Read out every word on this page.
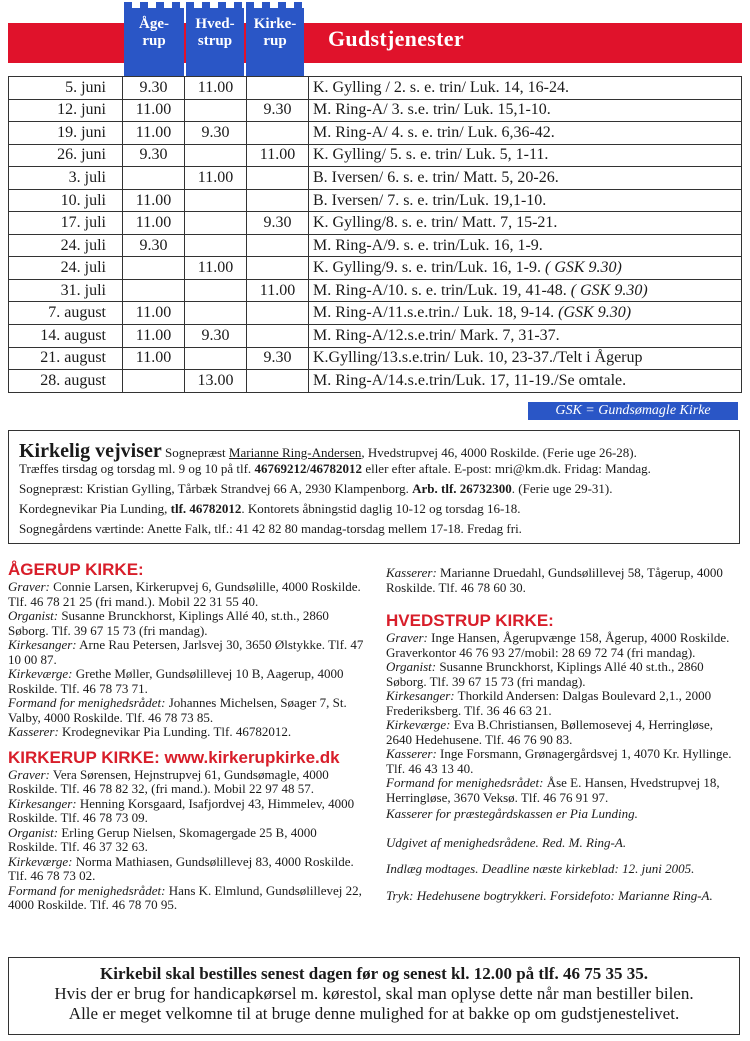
Åge-
rup
Hved-
strup
Kirke-
rup	Gudstjenester
5. juni	9.30	11.00		K. Gylling / 2. s. e. trin/ Luk. 14, 16-24.
12. juni	11.00		9.30	M. Ring-A/ 3. s.e. trin/ Luk. 15,1-10.
19. juni	11.00	9.30		M. Ring-A/ 4. s. e. trin/ Luk. 6,36-42.
26. juni	9.30		11.00	K. Gylling/ 5. s. e. trin/ Luk. 5, 1-11.
3. juli		11.00		B. Iversen/ 6. s. e. trin/ Matt. 5, 20-26.
10. juli	11.00			B. Iversen/ 7. s. e. trin/Luk. 19,1-10.
17. juli	11.00		9.30	K. Gylling/8. s. e. trin/ Matt. 7, 15-21.
24. juli	9.30			M. Ring-A/9. s. e. trin/Luk. 16, 1-9.
24. juli		11.00		K. Gylling/9. s. e. trin/Luk. 16, 1-9. ( GSK 9.30)
31. juli			11.00	M. Ring-A/10. s. e. trin/Luk. 19, 41-48. ( GSK 9.30)
7. august	11.00			M. Ring-A/11.s.e.trin./ Luk. 18, 9-14. (GSK 9.30)
14. august	11.00	9.30		M. Ring-A/12.s.e.trin/ Mark. 7, 31-37.
21. august	11.00		9.30	K.Gylling/13.s.e.trin/ Luk. 10, 23-37./Telt i Ågerup
28. august		13.00		M. Ring-A/14.s.e.trin/Luk. 17, 11-19./Se omtale.
GSK = Gundsømagle Kirke
Kirkelig vejviser Sognepræst Marianne Ring-Andersen, Hvedstrupvej 46, 4000 Roskilde. (Ferie uge 26-28).
Træffes tirsdag og torsdag ml. 9 og 10 på tlf. 46769212/46782012 eller efter aftale. E-post: mri@km.dk. Fridag: Mandag.
Sognepræst: Kristian Gylling, Tårbæk Strandvej 66 A, 2930 Klampenborg. Arb. tlf. 26732300. (Ferie uge 29-31).
Kordegnevikar Pia Lunding, tlf. 46782012. Kontorets åbningstid daglig 10-12 og torsdag 16-18.
Sognegårdens værtinde: Anette Falk, tlf.: 41 42 82 80 mandag-torsdag mellem 17-18. Fredag fri.
ÅGERUP KIRKE:

Graver: Connie Larsen, Kirkerupvej 6, Gundsølille, 4000 Roskilde. Tlf. 46 78 21 25 (fri mand.). Mobil 22 31 55 40.

Organist: Susanne Brunckhorst, Kiplings Allé 40, st.th., 2860 Søborg. Tlf. 39 67 15 73 (fri mandag).

Kirkesanger: Arne Rau Petersen, Jarlsvej 30, 3650 Ølstykke. Tlf. 47 10 00 87.

Kirkeværge: Grethe Møller, Gundsølillevej 10 B, Aagerup, 4000 Roskilde. Tlf. 46 78 73 71.

Formand for menighedsrådet: Johannes Michelsen, Søager 7, St. Valby, 4000 Roskilde. Tlf. 46 78 73 85.

Kasserer: Krodegnevikar Pia Lunding. Tlf. 46782012.

KIRKERUP KIRKE: www.kirkerupkirke.dk

Graver: Vera Sørensen, Hejnstrupvej 61, Gundsømagle, 4000 Roskilde. Tlf. 46 78 82 32, (fri mand.). Mobil 22 97 48 57.

Kirkesanger: Henning Korsgaard, Isafjordvej 43, Himmelev, 4000 Roskilde. Tlf. 46 78 73 09.

Organist: Erling Gerup Nielsen, Skomagergade 25 B, 4000 Roskilde. Tlf. 46 37 32 63.

Kirkeværge: Norma Mathiasen, Gundsølillevej 83, 4000 Roskilde. Tlf. 46 78 73 02.

Formand for menighedsrådet: Hans K. Elmlund, Gundsølillevej 22, 4000 Roskilde. Tlf. 46 78 70 95.

Kasserer: Marianne Druedahl, Gundsølillevej 58, Tågerup, 4000 Roskilde. Tlf. 46 78 60 30.

HVEDSTRUP KIRKE:

Graver: Inge Hansen, Ågerupvænge 158, Ågerup, 4000 Roskilde. Graverkontor 46 76 93 27/mobil: 28 69 72 74 (fri mandag).

Organist: Susanne Brunckhorst, Kiplings Allé 40 st.th., 2860 Søborg. Tlf. 39 67 15 73 (fri mandag).

Kirkesanger: Thorkild Andersen: Dalgas Boulevard 2,1., 2000 Frederiksberg. Tlf. 36 46 63 21.

Kirkeværge: Eva B.Christiansen, Bøllemosevej 4, Herringløse, 2640 Hedehusene. Tlf. 46 76 90 83.

Kasserer: Inge Forsmann, Grønagergårdsvej 1, 4070 Kr. Hyllinge. Tlf. 46 43 13 40.

Formand for menighedsrådet: Åse E. Hansen, Hvedstrupvej 18, Herringløse, 3670 Veksø. Tlf. 46 76 91 97.

Kasserer for præstegårdskassen er Pia Lunding.

Udgivet af menighedsrådene. Red. M. Ring-A.

Indlæg modtages. Deadline næste kirkeblad: 12. juni 2005.

Tryk: Hedehusene bogtrykkeri. Forsidefoto: Marianne Ring-A.

Kirkebil skal bestilles senest dagen før og senest kl. 12.00 på tlf. 46 75 35 35.
Hvis der er brug for handicapkørsel m. kørestol, skal man oplyse dette når man bestiller bilen.
Alle er meget velkomne til at bruge denne mulighed for at bakke op om gudstjenestelivet.
